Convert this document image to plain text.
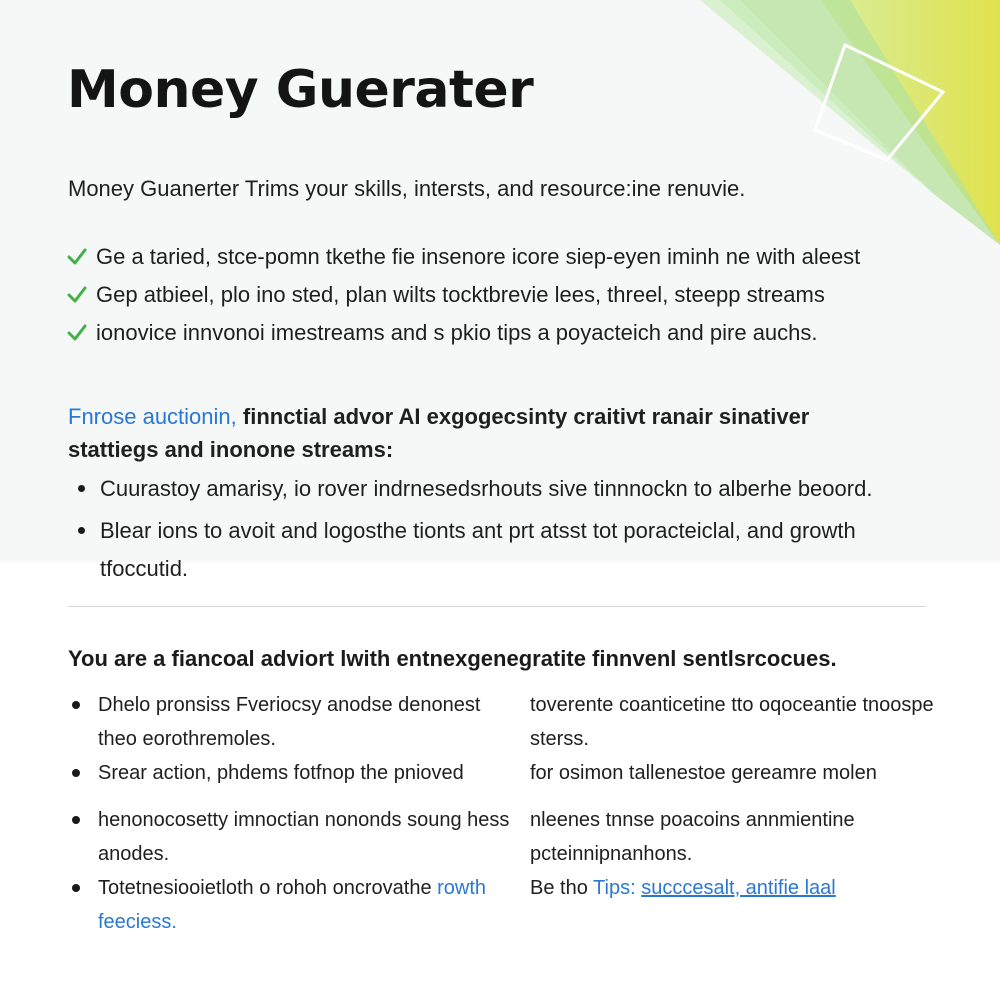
Money Guerater
Money Guanerter Trims your skills, intersts, and resource:ine renuvie.
Ge a taried, stce-pomn tkethe fie insenore icore siep-eyen iminh ne with aleest
Gep atbieel, plo ino sted, plan wilts tocktbrevie lees, threel, steepp streams
ionovice innvonoi imestreams and s pkio tips a poyacteich and pire auchs.
Fnrose auctionin, finnctial advor AI exgogecsinty craitivt ranair sinativer stattiegs and inonone streams:
Cuurastoy amarisy, io rover indrnesedsrhouts sive tinnnockn to alberhe beoord.
Blear ions to avoit and logosthe tionts ant prt atsst tot poracteiclal, and growth tfoccutid.
You are a fiancoal adviort lwith entnexgenegratite finnvenl sentlsrcocues.
Dhelo pronsiss Fveriocsy anodse denonest theo eorothremoles.
Srear action, phdems fotfnop the pnioved
henonocosetty imnoctian nononds soung hess anodes.
Totetnesiooietloth o rohoh oncrovathe rowth feeciess.
toverente coanticetine tto oqoceantie tnoospe sterss.
for osimon tallenestoe gereamre molen
nleenes tnnse poacoins annmientine pcteinnipnanhons.
Be tho Tips: succcesalt, antifie laal
